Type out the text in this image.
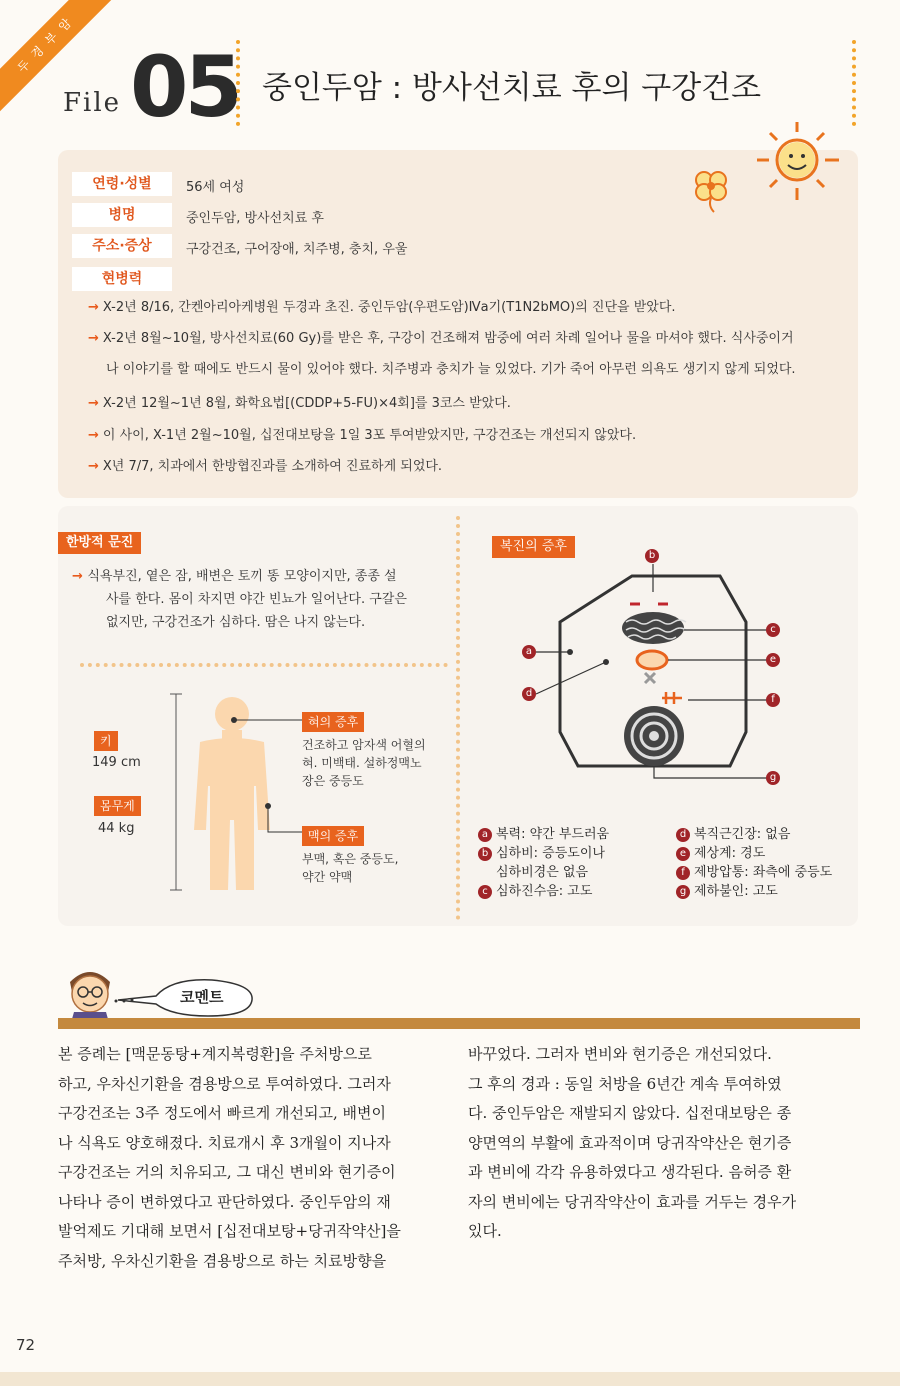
두 경 부 암
File 05 중인두암 : 방사선치료 후의 구강건조
연령·성별	56세 여성
병명	중인두암, 방사선치료 후
주소·증상	구강건조, 구어장애, 치주병, 충치, 우울
현병력
→ X-2년 8/16, 간켄아리아케병원 두경과 초진. 중인두암(우편도암)Ⅳa기(T1N2bMO)의 진단을 받았다.
→ X-2년 8월~10월, 방사선치료(60 Gy)를 받은 후, 구강이 건조해져 밤중에 여러 차례 일어나 물을 마셔야 했다. 식사중이거
나 이야기를 할 때에도 반드시 물이 있어야 했다. 치주병과 충치가 늘 있었다. 기가 죽어 아무런 의욕도 생기지 않게 되었다.
→ X-2년 12월~1년 8월, 화학요법[(CDDP+5-FU)×4회]를 3코스 받았다.
→ 이 사이, X-1년 2월~10월, 십전대보탕을 1일 3포 투여받았지만, 구강건조는 개선되지 않았다.
→ X년 7/7, 치과에서 한방협진과를 소개하여 진료하게 되었다.
한방적 문진
→ 식욕부진, 옅은 잠, 배변은 토끼 똥 모양이지만, 종종 설
사를 한다. 몸이 차지면 야간 빈뇨가 일어난다. 구갈은
없지만, 구강건조가 심하다. 땀은 나지 않는다.
키
149 cm
몸무게
44 kg
혀의 증후
건조하고 암자색 어혈의
혀. 미백태. 설하정맥노
장은 중등도
맥의 증후
부맥, 혹은 중등도,
약간 약맥
복진의 증후
b
a
c
e
d
f
g
a 복력: 약간 부드러움
b 심하비: 증등도이나
심하비경은 없음
c 심하진수음: 고도
d 복직근긴장: 없음
e 제상계: 경도
f 제방압통: 좌측에 중등도
g 제하불인: 고도
코멘트
본 증례는 [맥문동탕+계지복령환]을 주처방으로
하고, 우차신기환을 겸용방으로 투여하였다. 그러자
구강건조는 3주 정도에서 빠르게 개선되고, 배변이
나 식욕도 양호해졌다. 치료개시 후 3개월이 지나자
구강건조는 거의 치유되고, 그 대신 변비와 현기증이
나타나 증이 변하였다고 판단하였다. 중인두암의 재
발억제도 기대해 보면서 [십전대보탕+당귀작약산]을
주처방, 우차신기환을 겸용방으로 하는 치료방향을
바꾸었다. 그러자 변비와 현기증은 개선되었다.
그 후의 경과 : 동일 처방을 6년간 계속 투여하였
다. 중인두암은 재발되지 않았다. 십전대보탕은 종
양면역의 부활에 효과적이며 당귀작약산은 현기증
과 변비에 각각 유용하였다고 생각된다. 음허증 환
자의 변비에는 당귀작약산이 효과를 거두는 경우가
있다.
72
